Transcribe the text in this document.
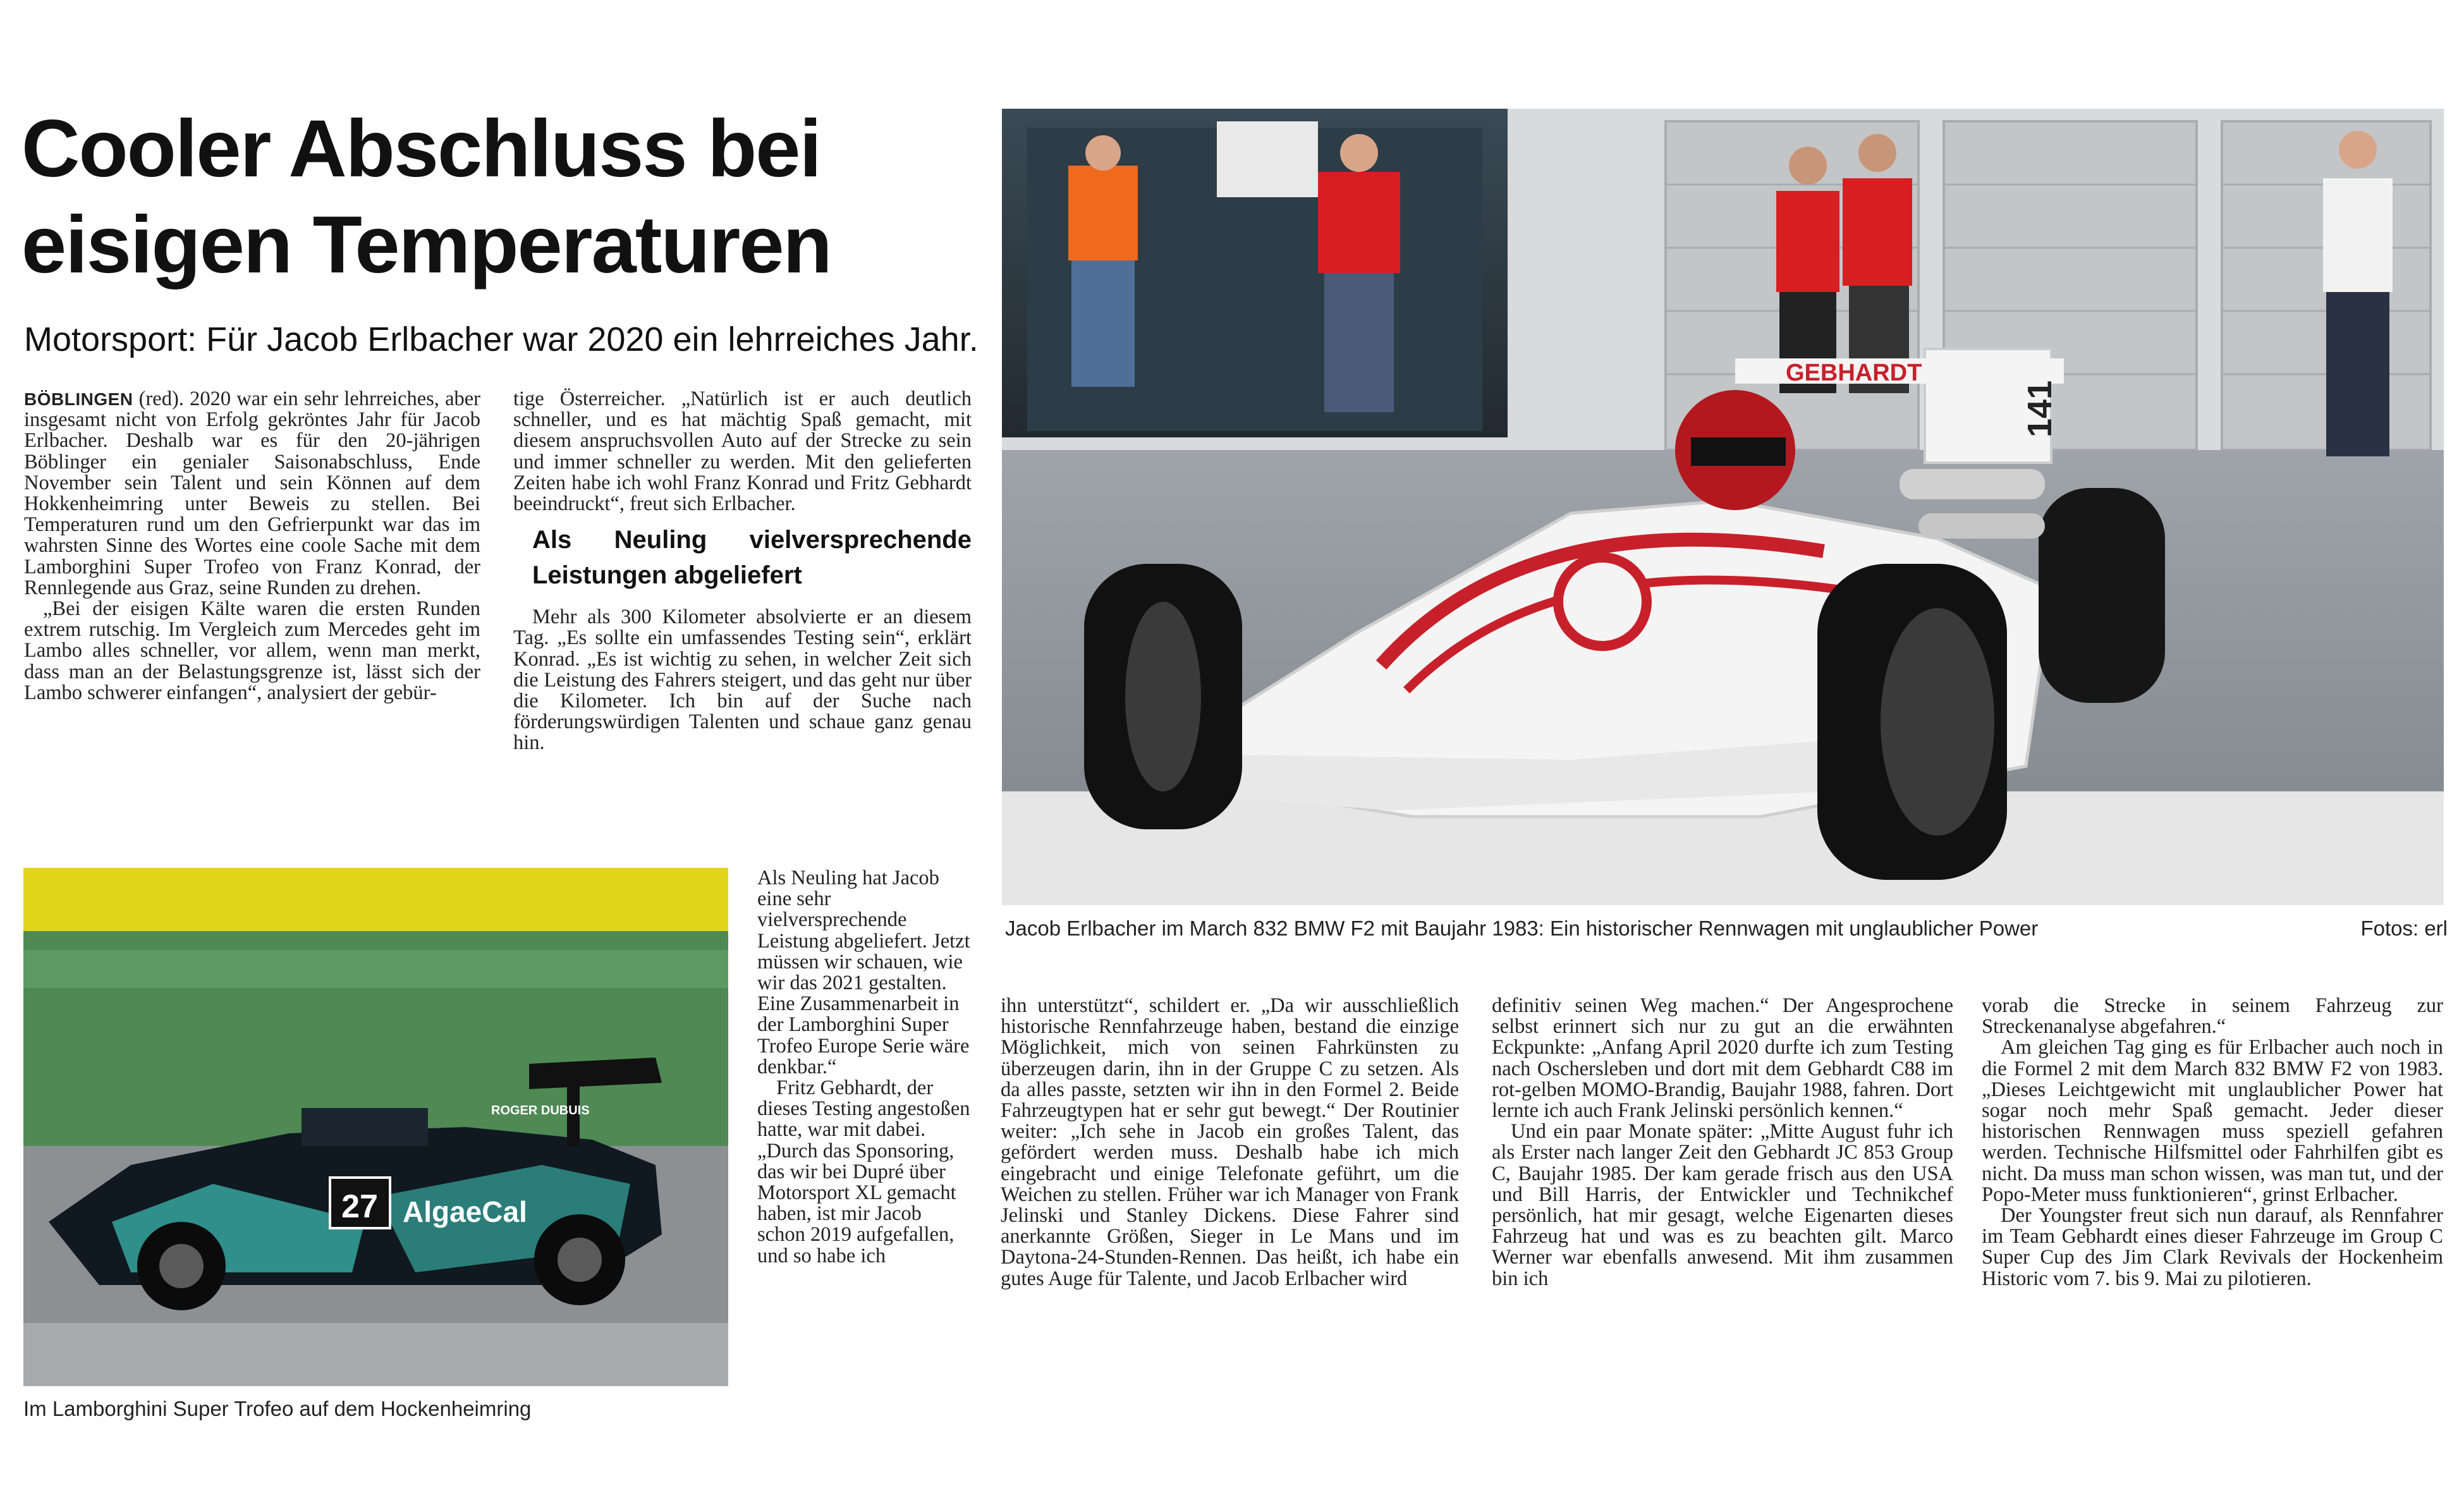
Cooler Abschluss bei
eisigen Temperaturen
Motorsport: Für Jacob Erlbacher war 2020 ein lehrreiches Jahr.

BÖBLINGEN (red). 2020 war ein sehr lehrreiches, aber insgesamt nicht von Erfolg gekröntes Jahr für Jacob Erlbacher. Deshalb war es für den 20-jährigen Böblinger ein genialer Saisonabschluss, Ende November sein Talent und sein Können auf dem Hokkenheimring unter Beweis zu stellen. Bei Temperaturen rund um den Gefrierpunkt war das im wahrsten Sinne des Wortes eine coole Sache mit dem Lamborghini Super Trofeo von Franz Konrad, der Rennlegende aus Graz, seine Runden zu drehen.

„Bei der eisigen Kälte waren die ersten Runden extrem rutschig. Im Vergleich zum Mercedes geht im Lambo alles schneller, vor allem, wenn man merkt, dass man an der Belastungsgrenze ist, lässt sich der Lambo schwerer einfangen“, analysiert der gebür-

tige Österreicher. „Natürlich ist er auch deutlich schneller, und es hat mächtig Spaß gemacht, mit diesem anspruchsvollen Auto auf der Strecke zu sein und immer schneller zu werden. Mit den gelieferten Zeiten habe ich wohl Franz Konrad und Fritz Gebhardt beeindruckt“, freut sich Erlbacher.

Als Neuling vielversprechende Leistungen abgeliefert

Mehr als 300 Kilometer absolvierte er an diesem Tag. „Es sollte ein umfassendes Testing sein“, erklärt Konrad. „Es ist wichtig zu sehen, in welcher Zeit sich die Leistung des Fahrers steigert, und das geht nur über die Kilometer. Ich bin auf der Suche nach förderungswürdigen Talenten und schaue ganz genau hin.

Als Neuling hat Jacob eine sehr vielversprechende Leistung abgeliefert. Jetzt müssen wir schauen, wie wir das 2021 gestalten. Eine Zusammenarbeit in der Lamborghini Super Trofeo Europe Serie wäre denkbar.“

Fritz Gebhardt, der dieses Testing angestoßen hatte, war mit dabei. „Durch das Sponsoring, das wir bei Dupré über Motorsport XL gemacht haben, ist mir Jacob schon 2019 aufgefallen, und so habe ich

ihn unterstützt“, schildert er. „Da wir ausschließlich historische Rennfahrzeuge haben, bestand die einzige Möglichkeit, mich von seinen Fahrkünsten zu überzeugen darin, ihn in der Gruppe C zu setzen. Als da alles passte, setzten wir ihn in den Formel 2. Beide Fahrzeugtypen hat er sehr gut bewegt.“ Der Routinier weiter: „Ich sehe in Jacob ein großes Talent, das gefördert werden muss. Deshalb habe ich mich eingebracht und einige Telefonate geführt, um die Weichen zu stellen. Früher war ich Manager von Frank Jelinski und Stanley Dickens. Diese Fahrer sind anerkannte Größen, Sieger in Le Mans und im Daytona-24-Stunden-Rennen. Das heißt, ich habe ein gutes Auge für Talente, und Jacob Erlbacher wird

definitiv seinen Weg machen.“ Der Angesprochene selbst erinnert sich nur zu gut an die erwähnten Eckpunkte: „Anfang April 2020 durfte ich zum Testing nach Oschersleben und dort mit dem Gebhardt C88 im rot-gelben MOMO-Brandig, Baujahr 1988, fahren. Dort lernte ich auch Frank Jelinski persönlich kennen.“

Und ein paar Monate später: „Mitte August fuhr ich als Erster nach langer Zeit den Gebhardt JC 853 Group C, Baujahr 1985. Der kam gerade frisch aus den USA und Bill Harris, der Entwickler und Technikchef persönlich, hat mir gesagt, welche Eigenarten dieses Fahrzeug hat und was es zu beachten gilt. Marco Werner war ebenfalls anwesend. Mit ihm zusammen bin ich

vorab die Strecke in seinem Fahrzeug zur Streckenanalyse abgefahren.“

Am gleichen Tag ging es für Erlbacher auch noch in die Formel 2 mit dem March 832 BMW F2 von 1983. „Dieses Leichtgewicht mit unglaublicher Power hat sogar noch mehr Spaß gemacht. Jeder dieser historischen Rennwagen muss speziell gefahren werden. Technische Hilfsmittel oder Fahrhilfen gibt es nicht. Da muss man schon wissen, was man tut, und der Popo-Meter muss funktionieren“, grinst Erlbacher.

Der Youngster freut sich nun darauf, als Rennfahrer im Team Gebhardt eines dieser Fahrzeuge im Group C Super Cup des Jim Clark Revivals der Hockenheim Historic vom 7. bis 9. Mai zu pilotieren.

GEBHARDT
141
Jacob Erlbacher im March 832 BMW F2 mit Baujahr 1983: Ein historischer Rennwagen mit unglaublicher Power	Fotos: erl
27 AlgaeCal
ROGER DUBUIS
Im Lamborghini Super Trofeo auf dem Hockenheimring
